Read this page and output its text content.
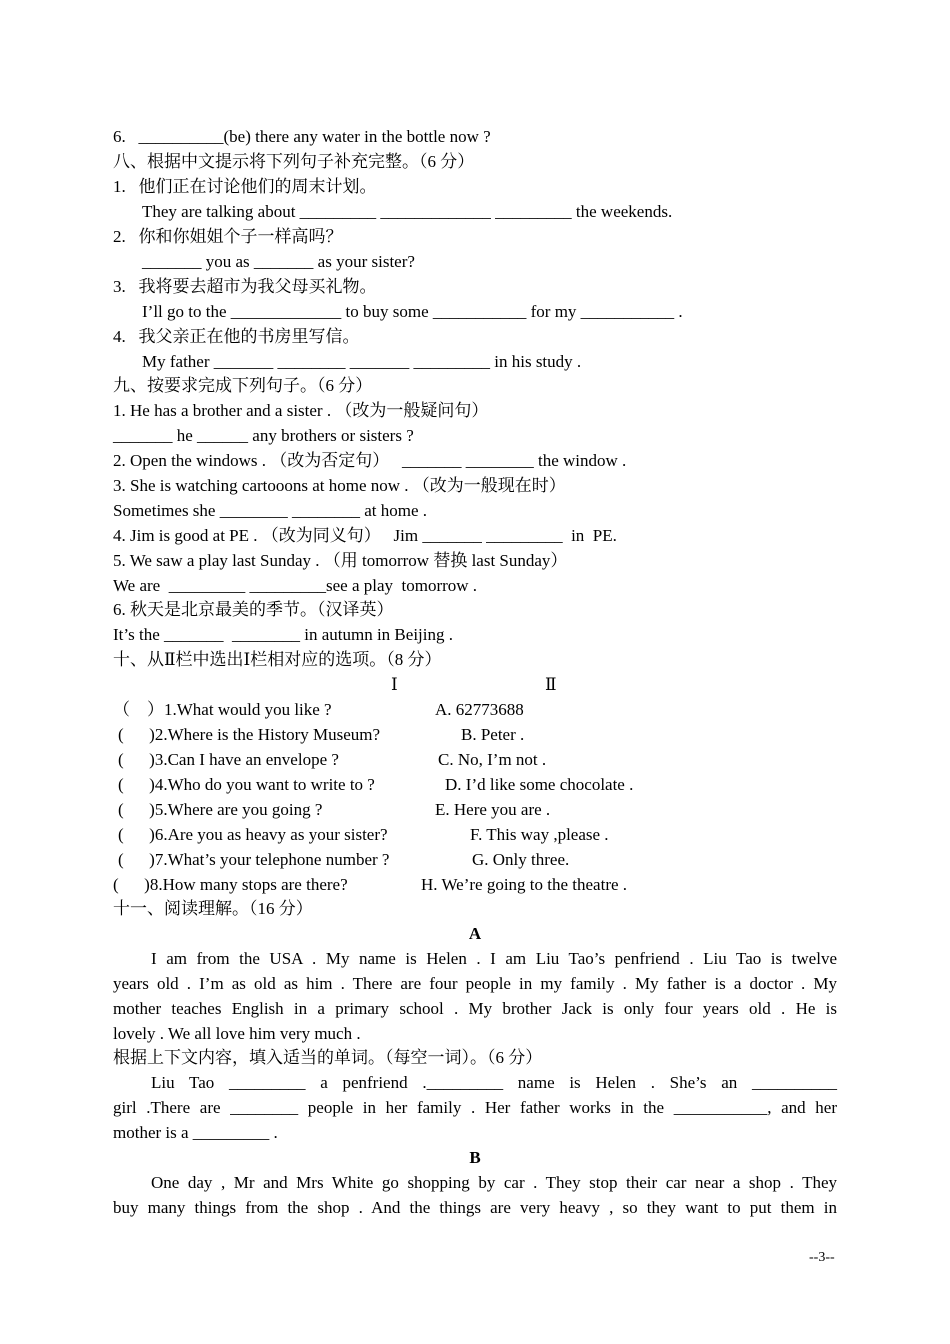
6.   __________(be) there any water in the bottle now ?
八、根据中文提示将下列句子补充完整。（6 分）
1.   他们正在讨论他们的周末计划。
They are talking about _________ _____________ _________ the weekends.
2.   你和你姐姐个子一样高吗？
_______ you as _______ as your sister?
3.   我将要去超市为我父母买礼物。
I’ll go to the _____________ to buy some ___________ for my ___________ .
4.   我父亲正在他的书房里写信。
My father _______ ________ _______ _________ in his study .
九、按要求完成下列句子。（6 分）
1. He has a brother and a sister . （改为一般疑问句）
_______ he ______ any brothers or sisters ?
2. Open the windows . （改为否定句）   _______ ________ the window .
3. She is watching cartooons at home now . （改为一般现在时）
Sometimes she ________ ________ at home .
4. Jim is good at PE . （改为同义句）   Jim _______ _________  in  PE.
5. We saw a play last Sunday . （用 tomorrow 替换 last Sunday）
We are  _________ _________see a play  tomorrow .
6. 秋天是北京最美的季节。（汉译英）
It’s the _______  ________ in autumn in Beijing .
十、从Ⅱ栏中选出Ⅰ栏相对应的选项。（8 分）
Ⅰ	Ⅱ
（    ）1.What would you like ?	A. 62773688
(      )2.Where is the History Museum?	B. Peter .
(      )3.Can I have an envelope ?	C. No, I’m not .
(      )4.Who do you want to write to ?	D. I’d like some chocolate .
(      )5.Where are you going ?	E. Here you are .
(      )6.Are you as heavy as your sister?	F. This way ,please .
(      )7.What’s your telephone number ?	G. Only three.
(      )8.How many stops are there?	H. We’re going to the theatre .
十一、阅读理解。（16 分）
A
I am from the USA . My name is Helen . I am Liu Tao’s penfriend . Liu Tao is twelve
years old . I’m as old as him . There are four people in my family . My father is a doctor . My
mother teaches English in a primary school . My brother Jack is only four years old . He is
lovely . We all love him very much .
根据上下文内容，填入适当的单词。（每空一词）。（6 分）
Liu Tao _________ a penfriend ._________ name is Helen . She’s an __________
girl .There are ________ people in her family . Her father works in the ___________, and her
mother is a _________ .
B
One day , Mr and Mrs White go shopping by car . They stop their car near a shop . They
buy many things from the shop . And the things are very heavy , so they want to put them in
--3--
